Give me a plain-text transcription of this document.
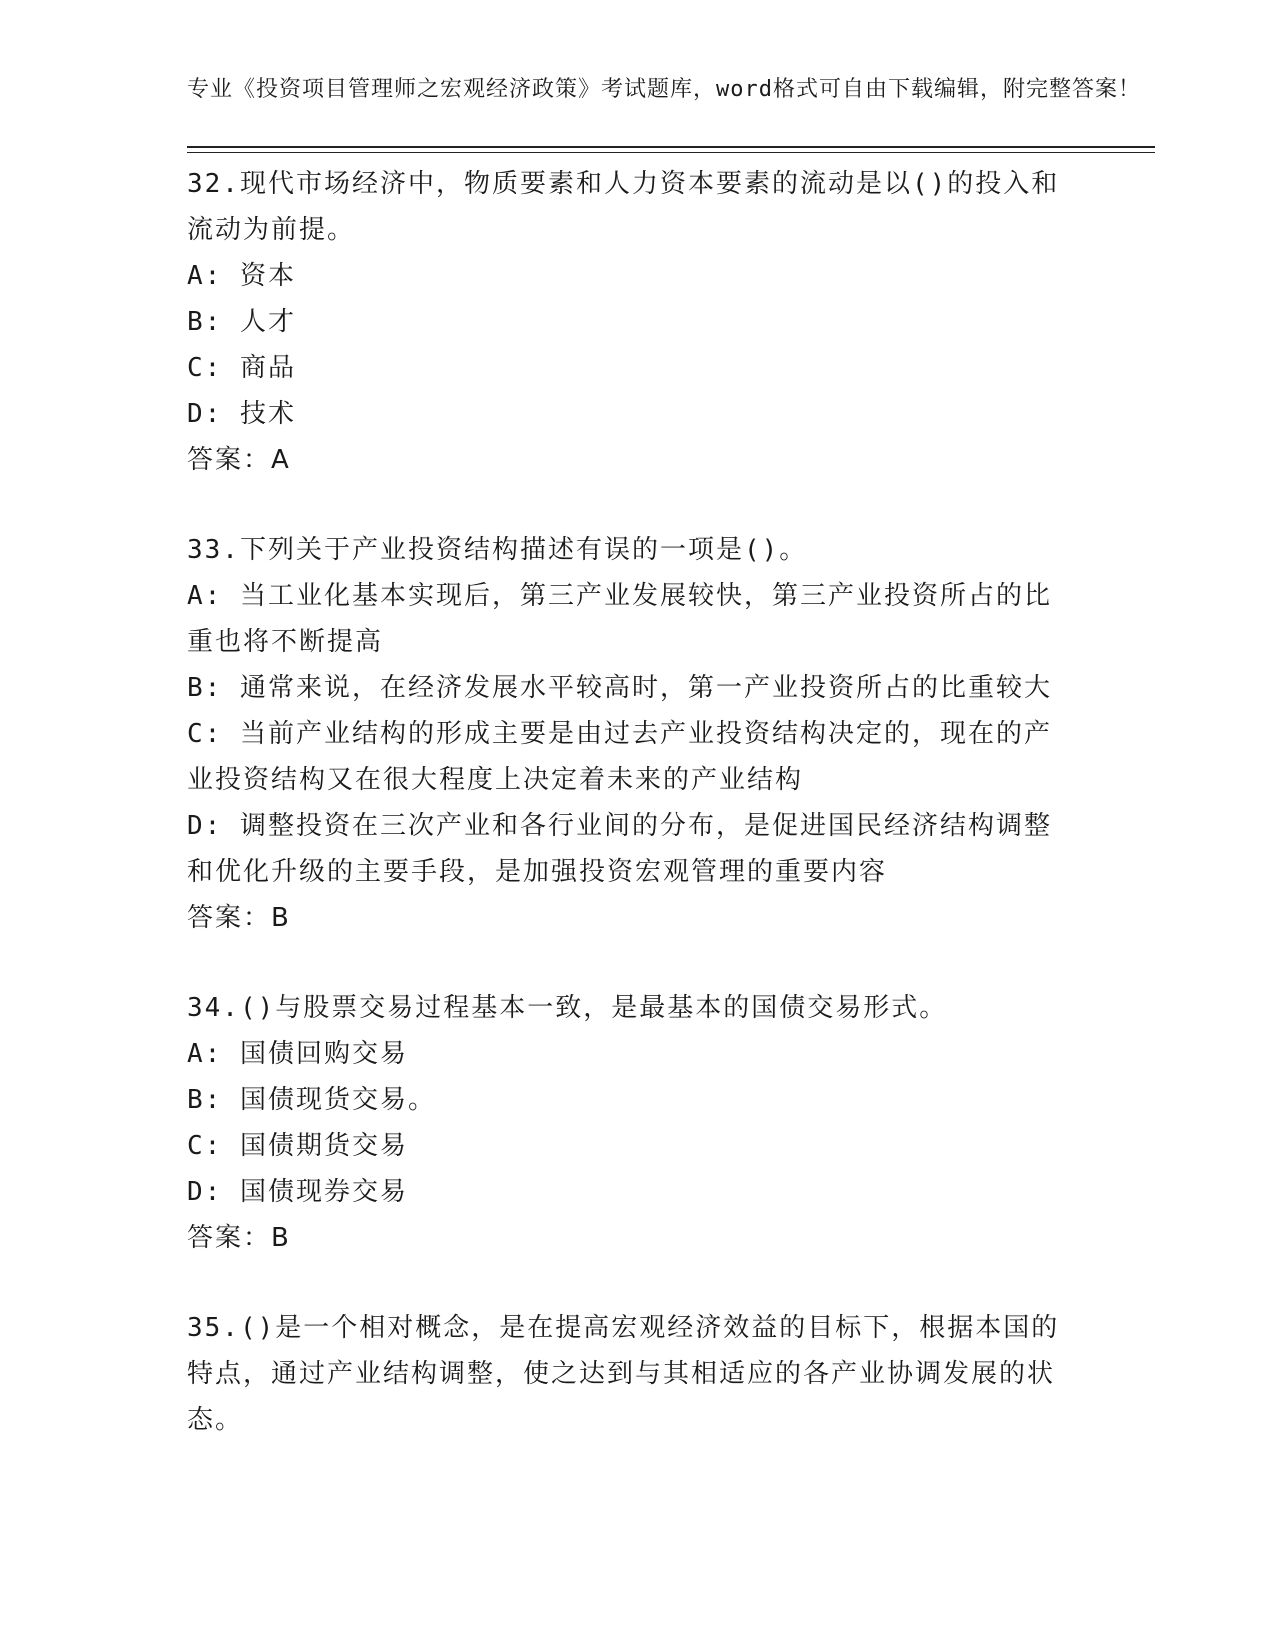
专业《投资项目管理师之宏观经济政策》考试题库，word格式可自由下载编辑，附完整答案！

32.现代市场经济中，物质要素和人力资本要素的流动是以()的投入和流动为前提。

A: 资本

B: 人才

C: 商品

D: 技术

答案：A

33.下列关于产业投资结构描述有误的一项是()。

A: 当工业化基本实现后，第三产业发展较快，第三产业投资所占的比重也将不断提高

B: 通常来说，在经济发展水平较高时，第一产业投资所占的比重较大

C: 当前产业结构的形成主要是由过去产业投资结构决定的，现在的产业投资结构又在很大程度上决定着未来的产业结构

D: 调整投资在三次产业和各行业间的分布，是促进国民经济结构调整和优化升级的主要手段，是加强投资宏观管理的重要内容

答案：B

34.()与股票交易过程基本一致，是最基本的国债交易形式。

A: 国债回购交易

B: 国债现货交易。

C: 国债期货交易

D: 国债现券交易

答案：B

35.()是一个相对概念，是在提高宏观经济效益的目标下，根据本国的特点，通过产业结构调整，使之达到与其相适应的各产业协调发展的状态。
